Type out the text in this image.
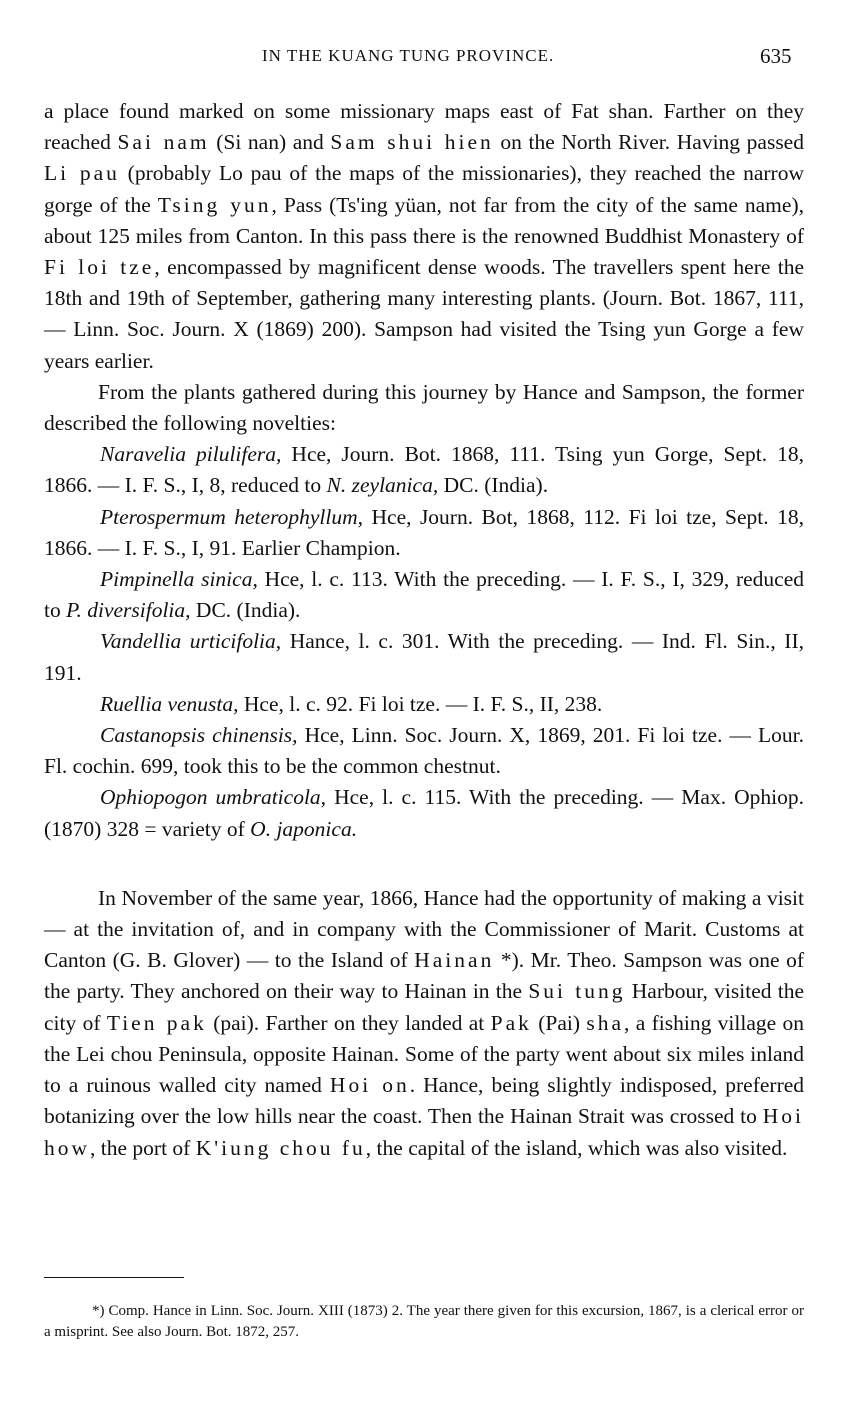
IN THE KUANG TUNG PROVINCE.	635

a place found marked on some missionary maps east of Fat shan. Farther on they reached Sai nam (Si nan) and Sam shui hien on the North River. Having passed Li pau (probably Lo pau of the maps of the missionaries), they reached the narrow gorge of the Tsing yun, Pass (Ts'ing yüan, not far from the city of the same name), about 125 miles from Canton. In this pass there is the renowned Buddhist Monastery of Fi loi tze, encompassed by magnificent dense woods. The travellers spent here the 18th and 19th of September, gathering many interesting plants. (Journ. Bot. 1867, 111,— Linn. Soc. Journ. X (1869) 200). Sampson had visited the Tsing yun Gorge a few years earlier.

From the plants gathered during this journey by Hance and Sampson, the former described the following novelties:

Naravelia pilulifera, Hce, Journ. Bot. 1868, 111. Tsing yun Gorge, Sept. 18, 1866. — I. F. S., I, 8, reduced to N. zeylanica, DC. (India).

Pterospermum heterophyllum, Hce, Journ. Bot, 1868, 112. Fi loi tze, Sept. 18, 1866. — I. F. S., I, 91. Earlier Champion.

Pimpinella sinica, Hce, l. c. 113. With the preceding. — I. F. S., I, 329, reduced to P. diversifolia, DC. (India).

Vandellia urticifolia, Hance, l. c. 301. With the preceding. — Ind. Fl. Sin., II, 191.

Ruellia venusta, Hce, l. c. 92. Fi loi tze. — I. F. S., II, 238.

Castanopsis chinensis, Hce, Linn. Soc. Journ. X, 1869, 201. Fi loi tze. — Lour. Fl. cochin. 699, took this to be the common chestnut.

Ophiopogon umbraticola, Hce, l. c. 115. With the preceding. — Max. Ophiop. (1870) 328 = variety of O. japonica.

In November of the same year, 1866, Hance had the opportunity of making a visit — at the invitation of, and in company with the Commissioner of Marit. Customs at Canton (G. B. Glover) — to the Island of Hainan *). Mr. Theo. Sampson was one of the party. They anchored on their way to Hainan in the Sui tung Harbour, visited the city of Tien pak (pai). Farther on they landed at Pak (Pai) sha, a fishing village on the Lei chou Peninsula, opposite Hainan. Some of the party went about six miles inland to a ruinous walled city named Hoi on. Hance, being slightly indisposed, preferred botanizing over the low hills near the coast. Then the Hainan Strait was crossed to Hoi how, the port of K'iung chou fu, the capital of the island, which was also visited.

*) Comp. Hance in Linn. Soc. Journ. XIII (1873) 2. The year there given for this excursion, 1867, is a clerical error or a misprint. See also Journ. Bot. 1872, 257.
